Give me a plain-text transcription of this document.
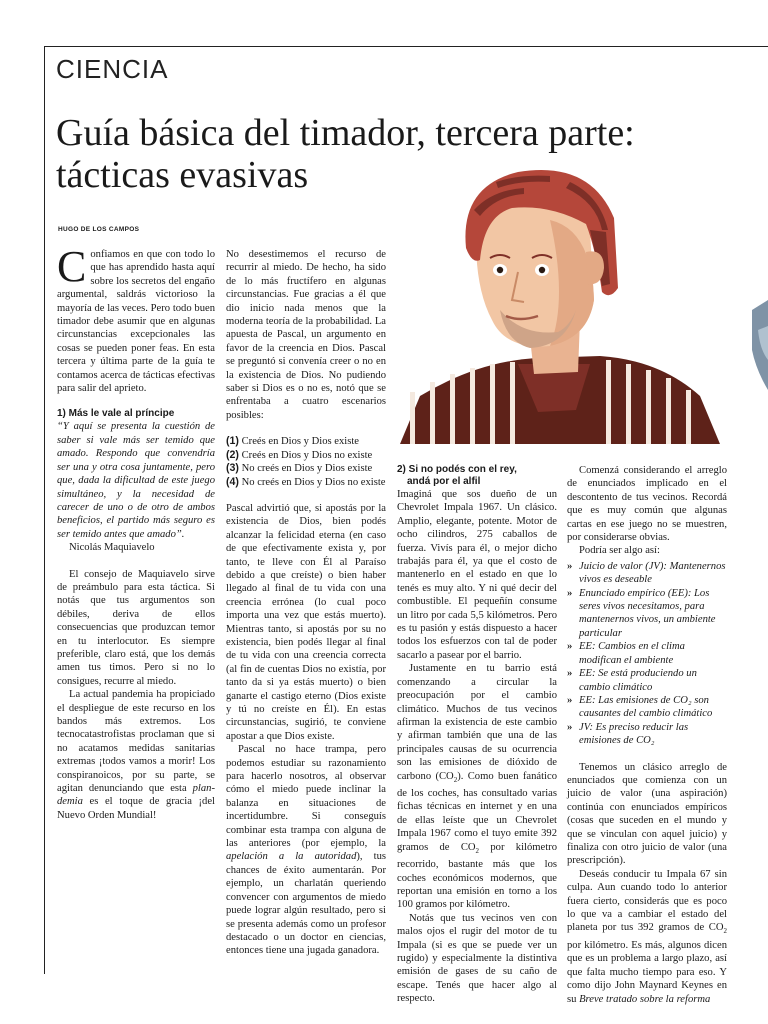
CIENCIA
Guía básica del timador, tercera parte:
tácticas evasivas
HUGO DE LOS CAMPOS

Confiamos en que con todo lo que has aprendido hasta aquí sobre los secretos del engaño argumental, saldrás victorioso la mayoría de las veces. Pero todo buen timador debe asumir que en algunas circunstancias excepcionales las cosas se pueden poner feas. En esta tercera y última parte de la guía te contamos acerca de tácticas efectivas para salir del aprieto.

1) Más le vale al príncipe

“Y aquí se presenta la cuestión de saber si vale más ser temido que amado. Respondo que convendría ser una y otra cosa juntamente, pero que, dada la dificultad de este juego simultáneo, y la necesidad de carecer de uno o de otro de ambos beneficios, el partido más seguro es ser temido antes que amado”.

Nicolás Maquiavelo

El consejo de Maquiavelo sirve de preámbulo para esta táctica. Si notás que tus argumentos son débiles, deriva de ellos consecuencias que produzcan temor en tu interlocutor. Es siempre preferible, claro está, que los demás amen tus timos. Pero si no lo consigues, recurre al miedo.

La actual pandemia ha propiciado el despliegue de este recurso en los bandos más extremos. Los tecnocatastrofistas proclaman que si no acatamos medidas sanitarias extremas ¡todos vamos a morir! Los conspiranoicos, por su parte, se agitan denunciando que esta plan-demia es el toque de gracia ¡del Nuevo Orden Mundial!

No desestimemos el recurso de recurrir al miedo. De hecho, ha sido de lo más fructífero en algunas circunstancias. Fue gracias a él que dio inicio nada menos que la moderna teoría de la probabilidad. La apuesta de Pascal, un argumento en favor de la creencia en Dios. Pascal se preguntó si convenía creer o no en la existencia de Dios. No pudiendo saber si Dios es o no es, notó que se enfrentaba a cuatro escenarios posibles:

(1) Creés en Dios y Dios existe
(2) Creés en Dios y Dios no existe
(3) No creés en Dios y Dios existe
(4) No creés en Dios y Dios no existe

Pascal advirtió que, si apostás por la existencia de Dios, bien podés alcanzar la felicidad eterna (en caso de que efectivamente exista y, por tanto, te lleve con Él al Paraíso debido a que creíste) o bien haber llegado al final de tu vida con una creencia errónea (lo cual poco importa una vez que estás muerto). Mientras tanto, si apostás por su no existencia, bien podés llegar al final de tu vida con una creencia correcta (al fin de cuentas Dios no existía, por tanto da si ya estás muerto) o bien ganarte el castigo eterno (Dios existe y tú no creíste en Él). En estas circunstancias, sugirió, te conviene apostar a que Dios existe.

Pascal no hace trampa, pero podemos estudiar su razonamiento para hacerlo nosotros, al observar cómo el miedo puede inclinar la balanza en situaciones de incertidumbre. Si conseguís combinar esta trampa con alguna de las anteriores (por ejemplo, la apelación a la autoridad), tus chances de éxito aumentarán. Por ejemplo, un charlatán queriendo convencer con argumentos de miedo puede lograr algún resultado, pero si se presenta además como un profesor destacado o un doctor en ciencias, entonces tiene una jugada ganadora.

2) Si no podés con el rey,
andá por el alfil

Imaginá que sos dueño de un Chevrolet Impala 1967. Un clásico. Amplio, elegante, potente. Motor de ocho cilindros, 275 caballos de fuerza. Vivís para él, o mejor dicho trabajás para él, ya que el costo de mantenerlo en el estado en que lo tenés es muy alto. Y ni qué decir del combustible. El pequeñín consume un litro por cada 5,5 kilómetros. Pero es tu pasión y estás dispuesto a hacer todos los esfuerzos con tal de poder sacarlo a pasear por el barrio.

Justamente en tu barrio está comenzando a circular la preocupación por el cambio climático. Muchos de tus vecinos afirman la existencia de este cambio y afirman también que una de las principales causas de su ocurrencia son las emisiones de dióxido de carbono $(CO_2)$. Como buen fanático de los coches, has consultado varias fichas técnicas en internet y en una de ellas leíste que un Chevrolet Impala 1967 como el tuyo emite 392 gramos de $CO_2$ por kilómetro recorrido, bastante más que los coches económicos modernos, que reportan una emisión en torno a los 100 gramos por kilómetro.

Notás que tus vecinos ven con malos ojos el rugir del motor de tu Impala (si es que se puede ver un rugido) y especialmente la distintiva emisión de gases de su caño de escape. Tenés que hacer algo al respecto.

Comenzá considerando el arreglo de enunciados implicado en el descontento de tus vecinos. Recordá que es muy común que algunas cartas en ese juego no se muestren, por considerarse obvias.

Podría ser algo así:

» Juicio de valor (JV): Mantenernos vivos es deseable
» Enunciado empírico (EE): Los seres vivos necesitamos, para mantenernos vivos, un ambiente particular
» EE: Cambios en el clima modifican el ambiente
» EE: Se está produciendo un cambio climático
» EE: Las emisiones de CO₂ son causantes del cambio climático
» JV: Es preciso reducir las emisiones de CO₂

Tenemos un clásico arreglo de enunciados que comienza con un juicio de valor (una aspiración) continúa con enunciados empíricos (cosas que suceden en el mundo y que se vinculan con aquel juicio) y finaliza con otro juicio de valor (una prescripción).

Deseás conducir tu Impala 67 sin culpa. Aun cuando todo lo anterior fuera cierto, considerás que es poco lo que va a cambiar el estado del planeta por tus 392 gramos de $CO_2$ por kilómetro. Es más, algunos dicen que es un problema a largo plazo, así que falta mucho tiempo para eso. Y como dijo John Maynard Keynes en su Breve tratado sobre la reforma
